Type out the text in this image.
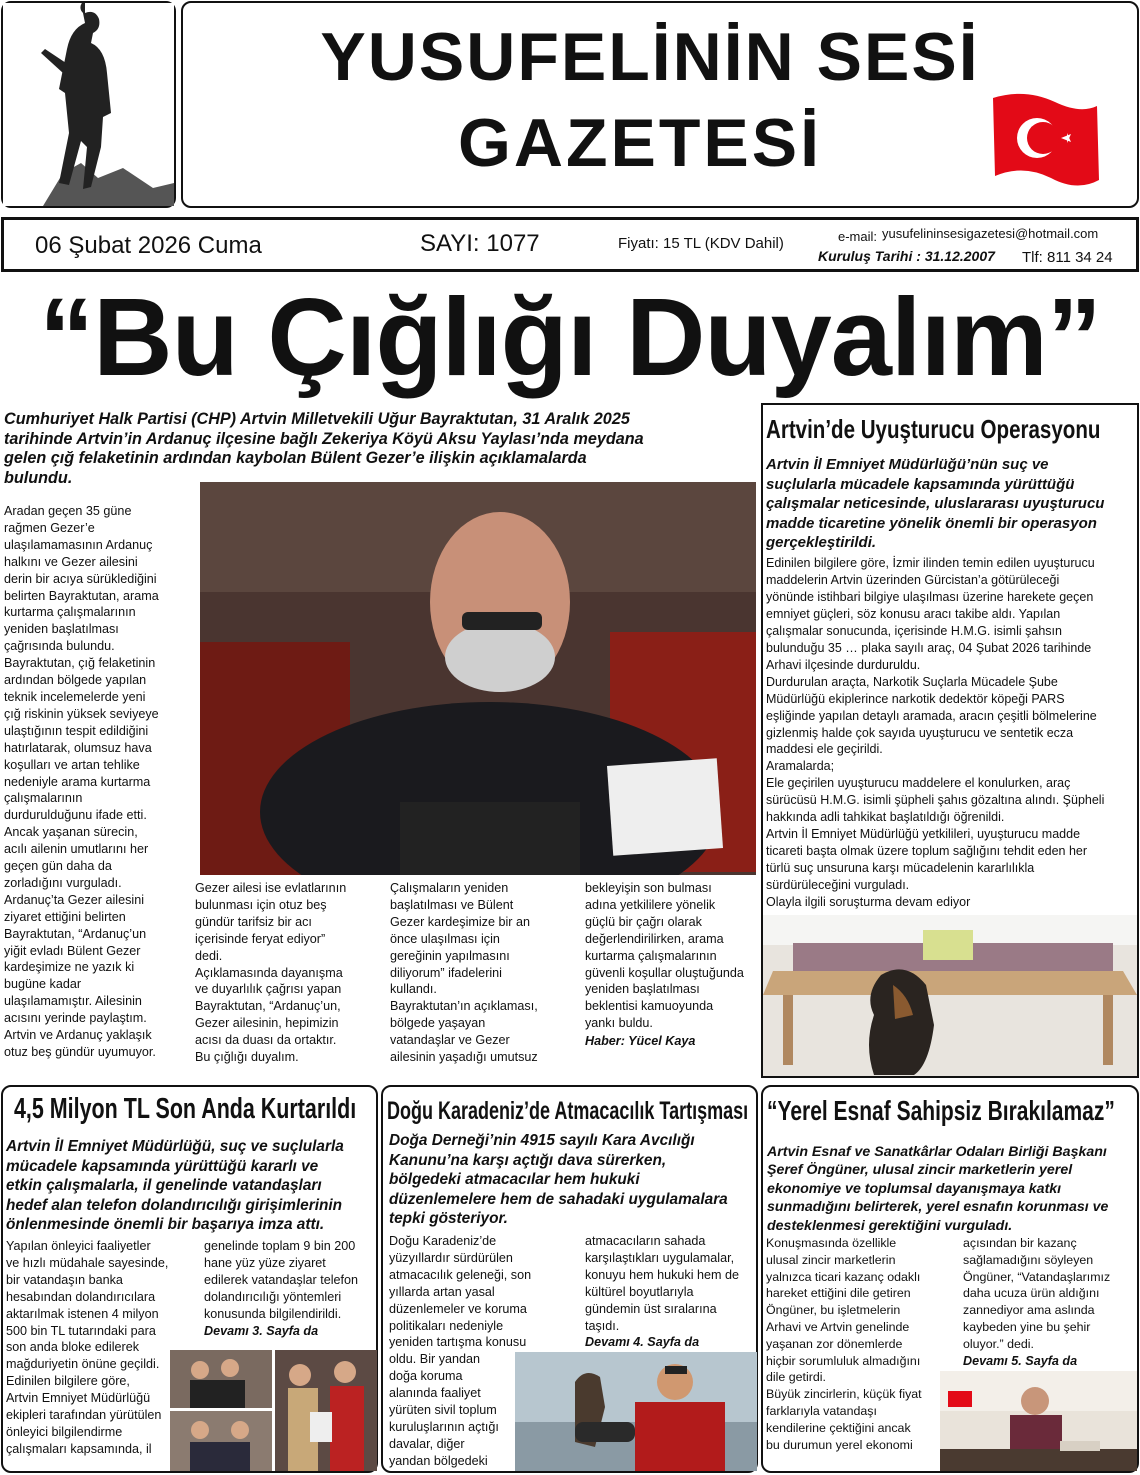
YUSUFELİNİN SESİ
GAZETESİ
06 Şubat 2026 Cuma	SAYI: 1077	Fiyatı: 15 TL (KDV Dahil)	e-mail: yusufelininsesigazetesi@hotmail.com
Kuruluş Tarihi : 31.12.2007 Tlf: 811 34 24
“Bu Çığlığı Duyalım”
Cumhuriyet Halk Partisi (CHP) Artvin Milletvekili Uğur Bayraktutan, 31 Aralık 2025
tarihinde Artvin’in Ardanuç ilçesine bağlı Zekeriya Köyü Aksu Yaylası’nda meydana
gelen çığ felaketinin ardından kaybolan Bülent Gezer’e ilişkin açıklamalarda
bulundu.
Aradan geçen 35 güne
rağmen Gezer’e
ulaşılamamasının Ardanuç
halkını ve Gezer ailesini
derin bir acıya sürüklediğini
belirten Bayraktutan, arama
kurtarma çalışmalarının
yeniden başlatılması
çağrısında bulundu.
Bayraktutan, çığ felaketinin
ardından bölgede yapılan
teknik incelemelerde yeni
çığ riskinin yüksek seviyeye
ulaştığının tespit edildiğini
hatırlatarak, olumsuz hava
koşulları ve artan tehlike
nedeniyle arama kurtarma
çalışmalarının
durdurulduğunu ifade etti.
Ancak yaşanan sürecin,
acılı ailenin umutlarını her
geçen gün daha da
zorladığını vurguladı.
Ardanuç’ta Gezer ailesini
ziyaret ettiğini belirten
Bayraktutan, “Ardanuç’un
yiğit evladı Bülent Gezer
kardeşimize ne yazık ki
bugüne kadar
ulaşılamamıştır. Ailesinin
acısını yerinde paylaştım.
Artvin ve Ardanuç yaklaşık
otuz beş gündür uyumuyor.
Gezer ailesi ise evlatlarının
bulunması için otuz beş
gündür tarifsiz bir acı
içerisinde feryat ediyor”
dedi.
Açıklamasında dayanışma
ve duyarlılık çağrısı yapan
Bayraktutan, “Ardanuç’un,
Gezer ailesinin, hepimizin
acısı da duası da ortaktır.
Bu çığlığı duyalım.
Çalışmaların yeniden
başlatılması ve Bülent
Gezer kardeşimize bir an
önce ulaşılması için
gereğinin yapılmasını
diliyorum” ifadelerini
kullandı.
Bayraktutan’ın açıklaması,
bölgede yaşayan
vatandaşlar ve Gezer
ailesinin yaşadığı umutsuz
bekleyişin son bulması
adına yetkililere yönelik
güçlü bir çağrı olarak
değerlendirilirken, arama
kurtarma çalışmalarının
güvenli koşullar oluştuğunda
yeniden başlatılması
beklentisi kamuoyunda
yankı buldu.
Haber: Yücel Kaya
Artvin’de Uyuşturucu Operasyonu
Artvin İl Emniyet Müdürlüğü’nün suç ve
suçlularla mücadele kapsamında yürüttüğü
çalışmalar neticesinde, uluslararası uyuşturucu
madde ticaretine yönelik önemli bir operasyon
gerçekleştirildi.
Edinilen bilgilere göre, İzmir ilinden temin edilen uyuşturucu
maddelerin Artvin üzerinden Gürcistan’a götürüleceği
yönünde istihbari bilgiye ulaşılması üzerine harekete geçen
emniyet güçleri, söz konusu aracı takibe aldı. Yapılan
çalışmalar sonucunda, içerisinde H.M.G. isimli şahsın
bulunduğu 35 … plaka sayılı araç, 04 Şubat 2026 tarihinde
Arhavi ilçesinde durduruldu.
Durdurulan araçta, Narkotik Suçlarla Mücadele Şube
Müdürlüğü ekiplerince narkotik dedektör köpeği PARS
eşliğinde yapılan detaylı aramada, aracın çeşitli bölmelerine
gizlenmiş halde çok sayıda uyuşturucu ve sentetik ecza
maddesi ele geçirildi.
Aramalarda;
Ele geçirilen uyuşturucu maddelere el konulurken, araç
sürücüsü H.M.G. isimli şüpheli şahıs gözaltına alındı. Şüpheli
hakkında adli tahkikat başlatıldığı öğrenildi.
Artvin İl Emniyet Müdürlüğü yetkilileri, uyuşturucu madde
ticareti başta olmak üzere toplum sağlığını tehdit eden her
türlü suç unsuruna karşı mücadelenin kararlılıkla
sürdürüleceğini vurguladı.
Olayla ilgili soruşturma devam ediyor
4,5 Milyon TL Son Anda Kurtarıldı
Artvin İl Emniyet Müdürlüğü, suç ve suçlularla
mücadele kapsamında yürüttüğü kararlı ve
etkin çalışmalarla, il genelinde vatandaşları
hedef alan telefon dolandırıcılığı girişimlerinin
önlenmesinde önemli bir başarıya imza attı.
Yapılan önleyici faaliyetler
ve hızlı müdahale sayesinde,
bir vatandaşın banka
hesabından dolandırıcılara
aktarılmak istenen 4 milyon
500 bin TL tutarındaki para
son anda bloke edilerek
mağduriyetin önüne geçildi.
Edinilen bilgilere göre,
Artvin Emniyet Müdürlüğü
ekipleri tarafından yürütülen
önleyici bilgilendirme
çalışmaları kapsamında, il
genelinde toplam 9 bin 200
hane yüz yüze ziyaret
edilerek vatandaşlar telefon
dolandırıcılığı yöntemleri
konusunda bilgilendirildi.
Devamı 3. Sayfa da
Doğu Karadeniz’de Atmacacılık Tartışması
Doğa Derneği’nin 4915 sayılı Kara Avcılığı
Kanunu’na karşı açtığı dava sürerken,
bölgedeki atmacacılar hem hukuki
düzenlemelere hem de sahadaki uygulamalara
tepki gösteriyor.
Doğu Karadeniz’de
yüzyıllardır sürdürülen
atmacacılık geleneği, son
yıllarda artan yasal
düzenlemeler ve koruma
politikaları nedeniyle
yeniden tartışma konusu
oldu. Bir yandan
doğa koruma
alanında faaliyet
yürüten sivil toplum
kuruluşlarının açtığı
davalar, diğer
yandan bölgedeki
atmacacıların sahada
karşılaştıkları uygulamalar,
konuyu hem hukuki hem de
kültürel boyutlarıyla
gündemin üst sıralarına
taşıdı.
Devamı 4. Sayfa da
“Yerel Esnaf Sahipsiz Bırakılamaz”
Artvin Esnaf ve Sanatkârlar Odaları Birliği Başkanı
Şeref Öngüner, ulusal zincir marketlerin yerel
ekonomiye ve toplumsal dayanışmaya katkı
sunmadığını belirterek, yerel esnafın korunması ve
desteklenmesi gerektiğini vurguladı.
Konuşmasında özellikle
ulusal zincir marketlerin
yalnızca ticari kazanç odaklı
hareket ettiğini dile getiren
Öngüner, bu işletmelerin
Arhavi ve Artvin genelinde
yaşanan zor dönemlerde
hiçbir sorumluluk almadığını
dile getirdi.
Büyük zincirlerin, küçük fiyat
farklarıyla vatandaşı
kendilerine çektiğini ancak
bu durumun yerel ekonomi
açısından bir kazanç
sağlamadığını söyleyen
Öngüner, “Vatandaşlarımız
daha ucuza ürün aldığını
zannediyor ama aslında
kaybeden yine bu şehir
oluyor.” dedi.
Devamı 5. Sayfa da
